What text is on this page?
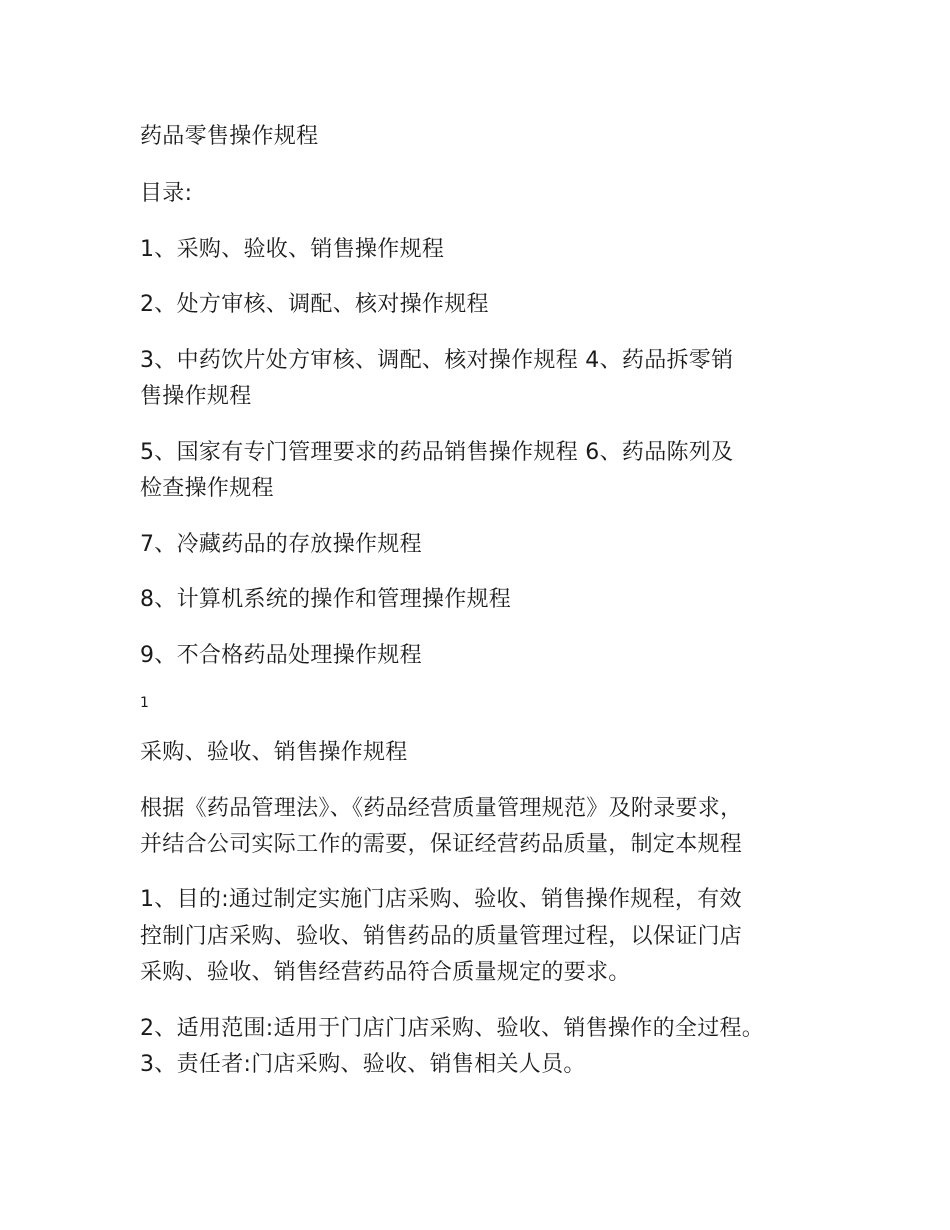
药品零售操作规程
目录:
1、采购、验收、销售操作规程
2、处方审核、调配、核对操作规程
3、中药饮片处方审核、调配、核对操作规程 4、药品拆零销
售操作规程
5、国家有专门管理要求的药品销售操作规程 6、药品陈列及
检查操作规程
7、冷藏药品的存放操作规程
8、计算机系统的操作和管理操作规程
9、不合格药品处理操作规程
1
采购、验收、销售操作规程
根据《药品管理法》、《药品经营质量管理规范》及附录要求，
并结合公司实际工作的需要，保证经营药品质量，制定本规程
1、目的:通过制定实施门店采购、验收、销售操作规程，有效
控制门店采购、验收、销售药品的质量管理过程，以保证门店
采购、验收、销售经营药品符合质量规定的要求。
2、适用范围:适用于门店门店采购、验收、销售操作的全过程。
3、责任者:门店采购、验收、销售相关人员。
